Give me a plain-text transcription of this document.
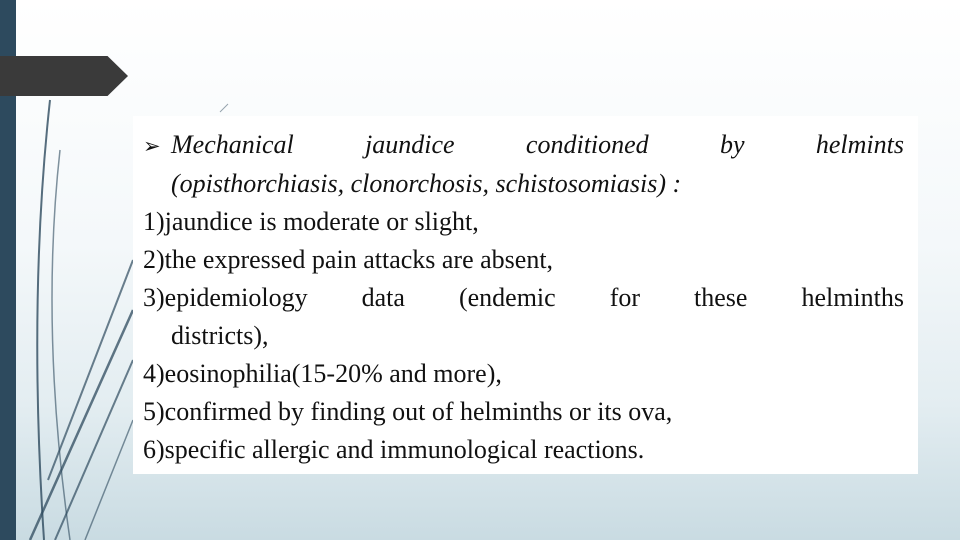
➢ Mechanical jaundice conditioned by helmints
(opisthorchiasis, clonorchosis, schistosomiasis) :
1)jaundice is moderate or slight,
2)the expressed pain attacks are absent,
3)epidemiology data (endemic for these helminths
districts),
4)eosinophilia(15-20% and more),
5)confirmed by finding out of helminths or its ova,
6)specific allergic and immunological reactions.
